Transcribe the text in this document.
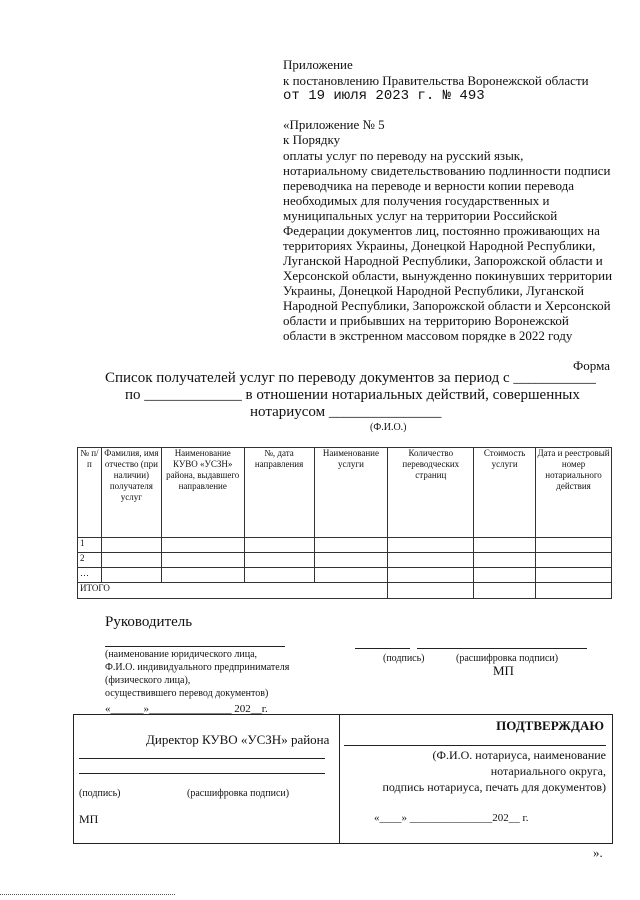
Приложение
к постановлению Правительства Воронежской области
от 19 июля 2023 г. № 493
«Приложение № 5
к Порядку
оплаты услуг по переводу на русский язык,
нотариальному свидетельствованию подлинности подписи
переводчика на переводе и верности копии перевода
необходимых для получения государственных и
муниципальных услуг на территории Российской
Федерации документов лиц, постоянно проживающих на
территориях Украины, Донецкой Народной Республики,
Луганской Народной Республики, Запорожской области и
Херсонской области, вынужденно покинувших территории
Украины, Донецкой Народной Республики, Луганской
Народной Республики, Запорожской области и Херсонской
области и прибывших на территорию Воронежской
области в экстренном массовом порядке в 2022 году
Форма
Список получателей услуг по переводу документов за период с ___________
по _____________ в отношении нотариальных действий, совершенных
нотариусом _______________
(Ф.И.О.)
№ п/п	Фамилия, имя отчество (при наличии) получателя услуг	Наименование КУВО «УСЗН» района, выдавшего направление	№, дата направления	Наименование услуги	Количество переводческих страниц	Стоимость услуги	Дата и реестровый номер нотариального действия
1							
2							
…							
ИТОГО							
Руководитель
(наименование юридического лица,
Ф.И.О. индивидуального предпринимателя
(физического лица),
осуществившего перевод документов)
«______»_______________ 202__г.
(подпись)	(расшифровка подписи)
МП
Директор КУВО «УСЗН» района
(подпись)	(расшифровка подписи)
МП
ПОДТВЕРЖДАЮ
(Ф.И.О. нотариуса, наименование
нотариального округа,
подпись нотариуса, печать для документов)
«____» _______________202__ г.
».
